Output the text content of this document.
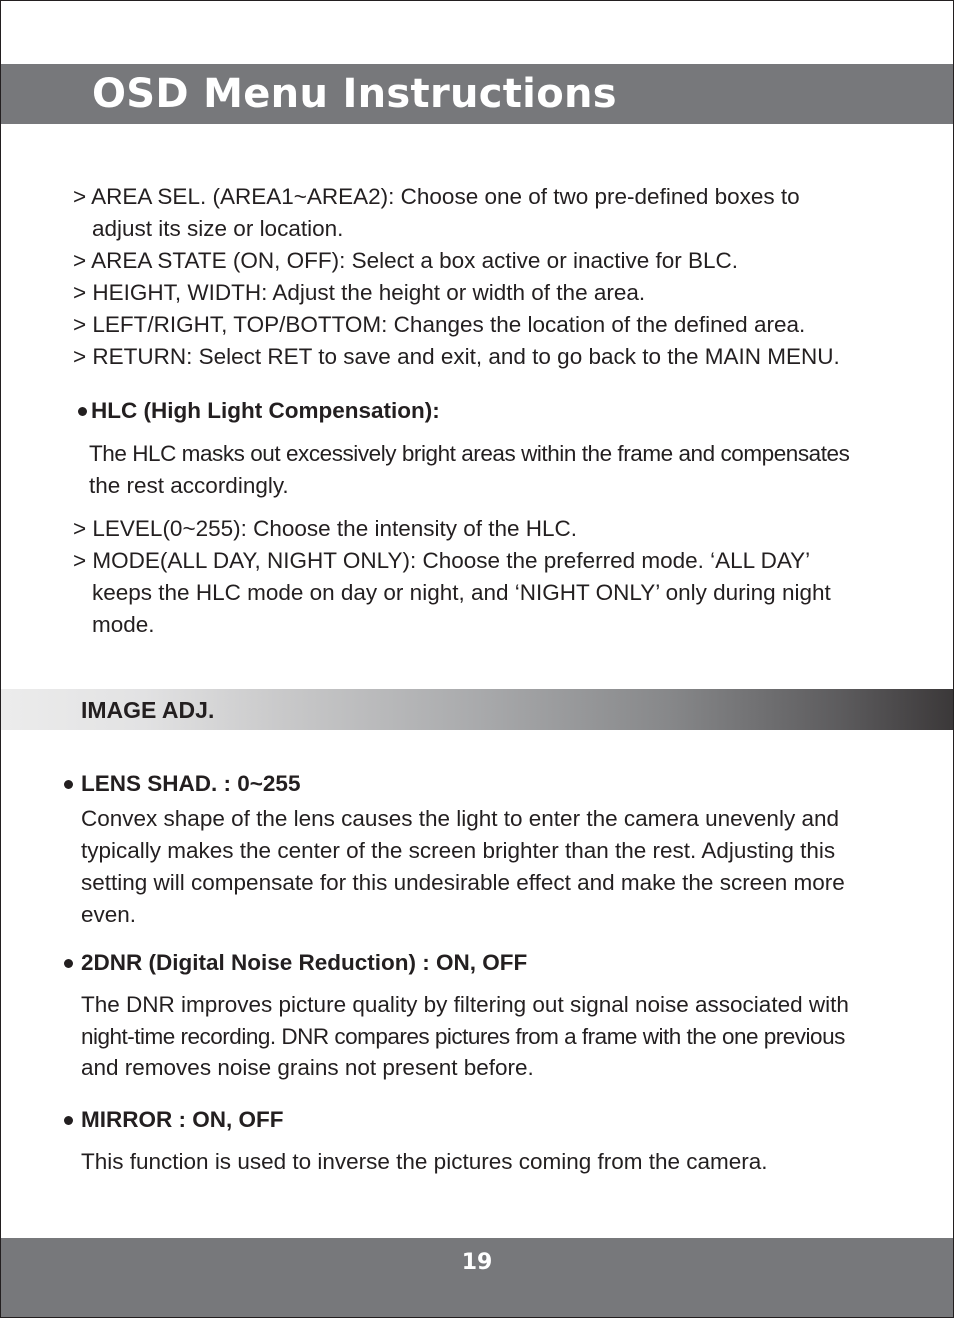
OSD Menu Instructions

> AREA SEL. (AREA1~AREA2): Choose one of two pre-defined boxes to

adjust its size or location.

> AREA STATE (ON, OFF): Select a box active or inactive for BLC.

> HEIGHT, WIDTH: Adjust the height or width of the area.

> LEFT/RIGHT, TOP/BOTTOM: Changes the location of the defined area.

> RETURN: Select RET to save and exit, and to go back to the MAIN MENU.

HLC (High Light Compensation):

The HLC masks out excessively bright areas within the frame and compensates

the rest accordingly.

> LEVEL(0~255): Choose the intensity of the HLC.

> MODE(ALL DAY, NIGHT ONLY): Choose the preferred mode. ‘ALL DAY’

keeps the HLC mode on day or night, and ‘NIGHT ONLY’ only during night

mode.

IMAGE ADJ.

LENS SHAD. : 0~255

Convex shape of the lens causes the light to enter the camera unevenly and

typically makes the center of the screen brighter than the rest. Adjusting this

setting will compensate for this undesirable effect and make the screen more

even.

2DNR (Digital Noise Reduction) : ON, OFF

The DNR improves picture quality by filtering out signal noise associated with

night-time recording. DNR compares pictures from a frame with the one previous

and removes noise grains not present before.

MIRROR : ON, OFF

This function is used to inverse the pictures coming from the camera.

19
